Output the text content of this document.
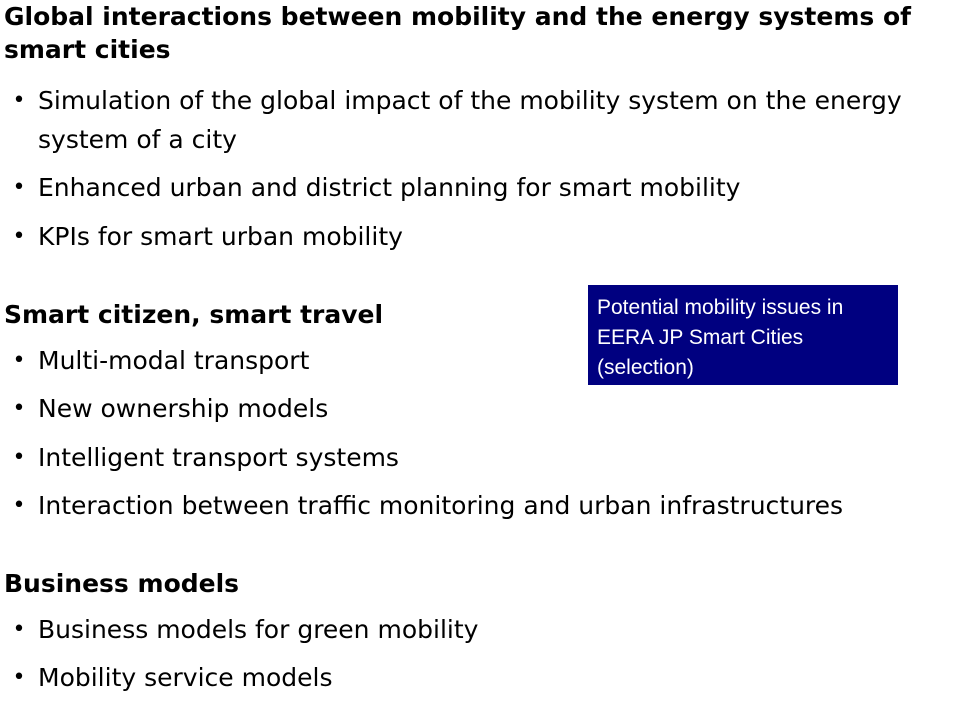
Global interactions between mobility and the energy systems of smart cities
• Simulation of the global impact of the mobility system on the energy
system of a city
• Enhanced urban and district planning for smart mobility
• KPIs for smart urban mobility
Smart citizen, smart travel
• Multi-modal transport
• New ownership models
• Intelligent transport systems
• Interaction between traffic monitoring and urban infrastructures
Business models
• Business models for green mobility
• Mobility service models
Potential mobility issues in
EERA JP Smart Cities
(selection)
